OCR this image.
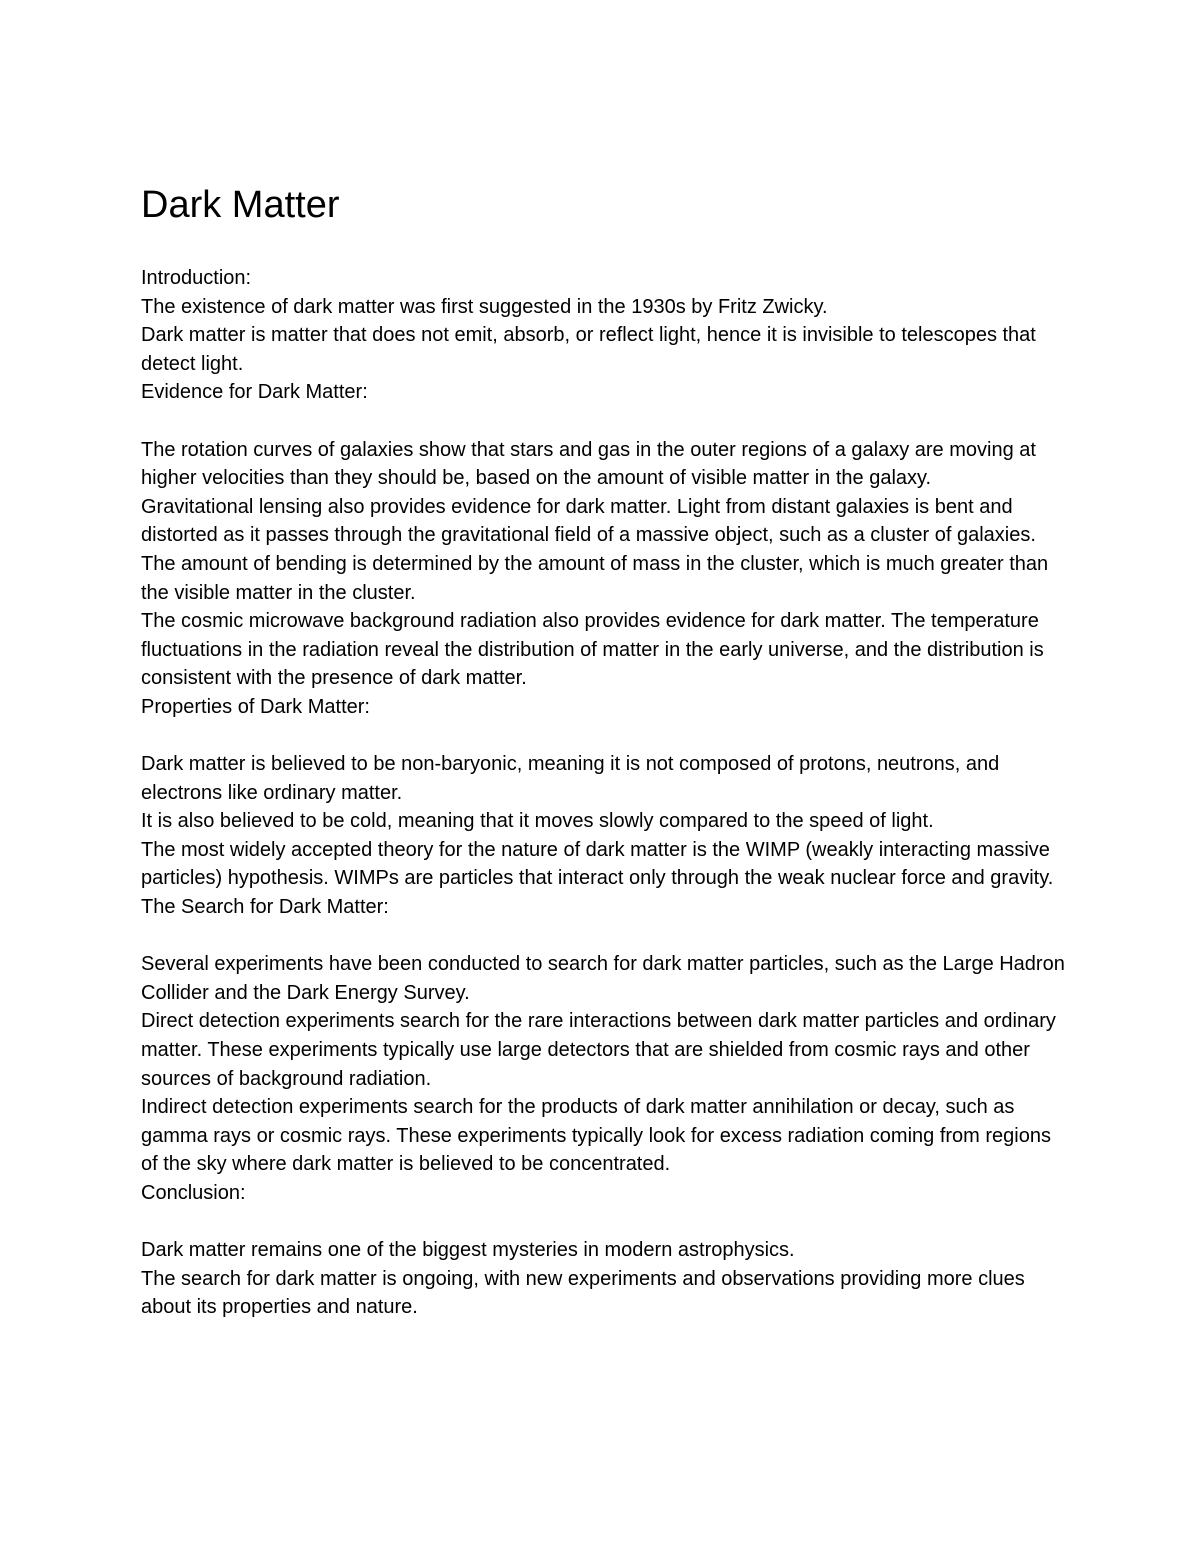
Dark Matter

Introduction:

The existence of dark matter was first suggested in the 1930s by Fritz Zwicky.

Dark matter is matter that does not emit, absorb, or reflect light, hence it is invisible to telescopes that detect light.

Evidence for Dark Matter:

The rotation curves of galaxies show that stars and gas in the outer regions of a galaxy are moving at higher velocities than they should be, based on the amount of visible matter in the galaxy.

Gravitational lensing also provides evidence for dark matter. Light from distant galaxies is bent and distorted as it passes through the gravitational field of a massive object, such as a cluster of galaxies. The amount of bending is determined by the amount of mass in the cluster, which is much greater than the visible matter in the cluster.

The cosmic microwave background radiation also provides evidence for dark matter. The temperature fluctuations in the radiation reveal the distribution of matter in the early universe, and the distribution is consistent with the presence of dark matter.

Properties of Dark Matter:

Dark matter is believed to be non-baryonic, meaning it is not composed of protons, neutrons, and electrons like ordinary matter.

It is also believed to be cold, meaning that it moves slowly compared to the speed of light.

The most widely accepted theory for the nature of dark matter is the WIMP (weakly interacting massive particles) hypothesis. WIMPs are particles that interact only through the weak nuclear force and gravity.

The Search for Dark Matter:

Several experiments have been conducted to search for dark matter particles, such as the Large Hadron Collider and the Dark Energy Survey.

Direct detection experiments search for the rare interactions between dark matter particles and ordinary matter. These experiments typically use large detectors that are shielded from cosmic rays and other sources of background radiation.

Indirect detection experiments search for the products of dark matter annihilation or decay, such as gamma rays or cosmic rays. These experiments typically look for excess radiation coming from regions of the sky where dark matter is believed to be concentrated.

Conclusion:

Dark matter remains one of the biggest mysteries in modern astrophysics.

The search for dark matter is ongoing, with new experiments and observations providing more clues about its properties and nature.
